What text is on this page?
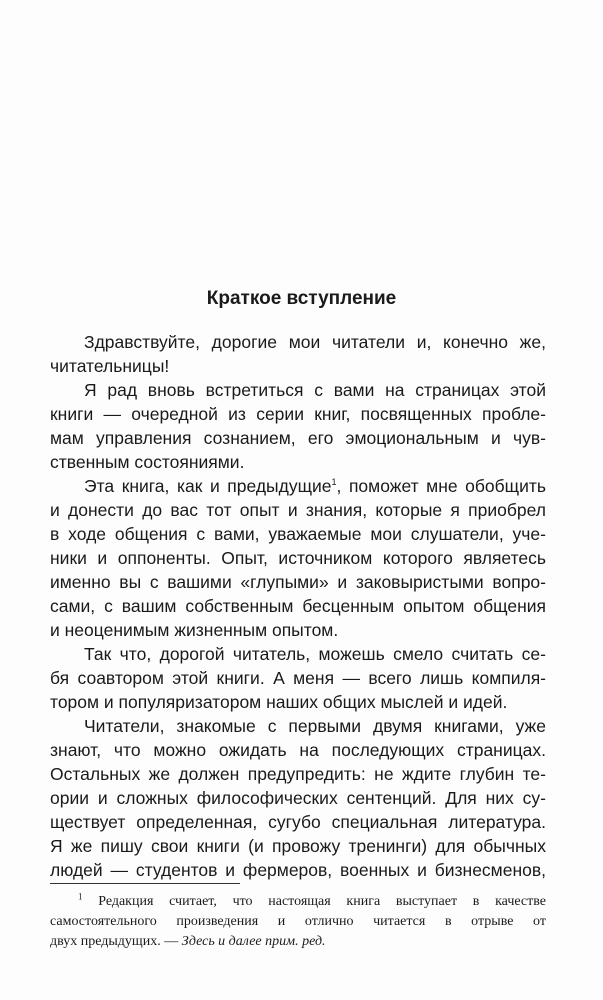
Краткое вступление
Здравствуйте, дорогие мои читатели и, конечно же,
читательницы!
Я рад вновь встретиться с вами на страницах этой
книги — очередной из серии книг, посвященных пробле-
мам управления сознанием, его эмоциональным и чув-
ственным состояниями.
Эта книга, как и предыдущие$^1$, поможет мне обобщить
и донести до вас тот опыт и знания, которые я приобрел
в ходе общения с вами, уважаемые мои слушатели, уче-
ники и оппоненты. Опыт, источником которого являетесь
именно вы с вашими «глупыми» и заковыристыми вопро-
сами, с вашим собственным бесценным опытом общения
и неоценимым жизненным опытом.
Так что, дорогой читатель, можешь смело считать се-
бя соавтором этой книги. А меня — всего лишь компиля-
тором и популяризатором наших общих мыслей и идей.
Читатели, знакомые с первыми двумя книгами, уже
знают, что можно ожидать на последующих страницах.
Остальных же должен предупредить: не ждите глубин те-
ории и сложных философических сентенций. Для них су-
ществует определенная, сугубо специальная литература.
Я же пишу свои книги (и провожу тренинги) для обычных
людей — студентов и фермеров, военных и бизнесменов,
$^1$ Редакция считает, что настоящая книга выступает в качестве
самостоятельного произведения и отлично читается в отрыве от
двух предыдущих. — Здесь и далее прим. ред.
